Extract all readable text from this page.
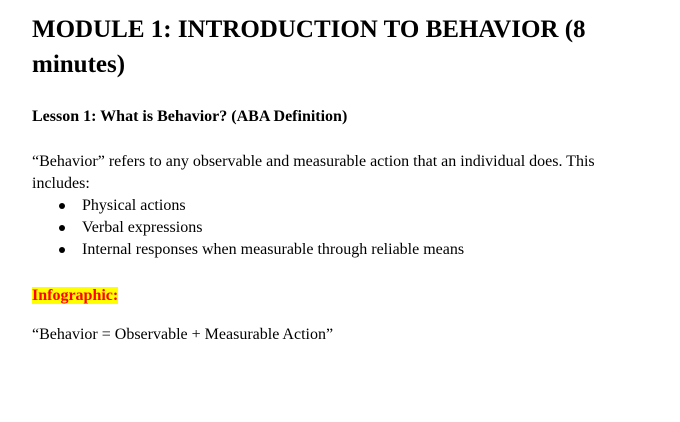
MODULE 1: INTRODUCTION TO BEHAVIOR (8 minutes)
Lesson 1: What is Behavior? (ABA Definition)

“Behavior” refers to any observable and measurable action that an individual does. This includes:

Physical actions
Verbal expressions
Internal responses when measurable through reliable means
Infographic:

“Behavior = Observable + Measurable Action”
